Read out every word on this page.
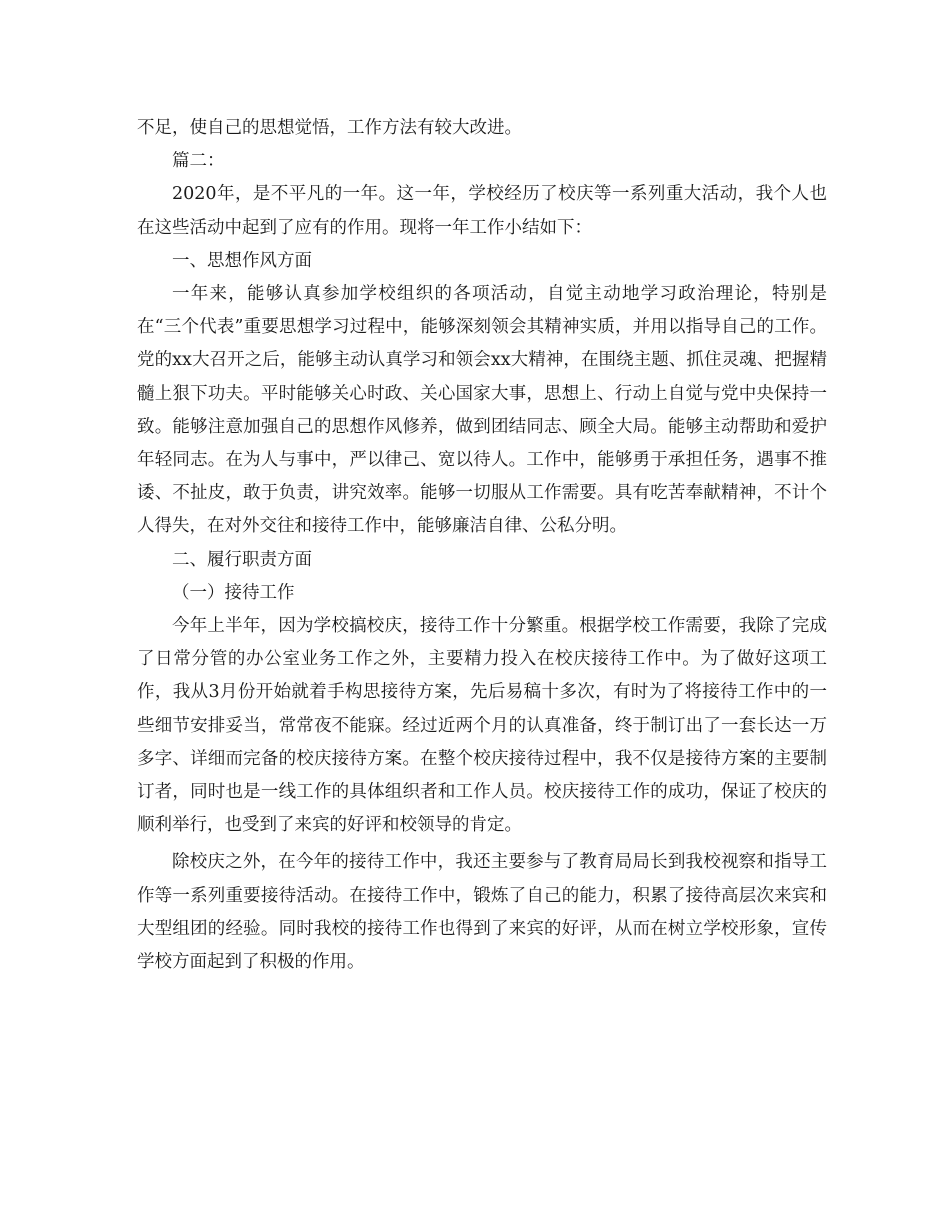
不足，使自己的思想觉悟，工作方法有较大改进。

篇二：

2020年，是不平凡的一年。这一年，学校经历了校庆等一系列重大活动，我个人也在这些活动中起到了应有的作用。现将一年工作小结如下：

一、思想作风方面

一年来，能够认真参加学校组织的各项活动，自觉主动地学习政治理论，特别是在“三个代表”重要思想学习过程中，能够深刻领会其精神实质，并用以指导自己的工作。党的xx大召开之后，能够主动认真学习和领会xx大精神，在围绕主题、抓住灵魂、把握精髓上狠下功夫。平时能够关心时政、关心国家大事，思想上、行动上自觉与党中央保持一致。能够注意加强自己的思想作风修养，做到团结同志、顾全大局。能够主动帮助和爱护年轻同志。在为人与事中，严以律己、宽以待人。工作中，能够勇于承担任务，遇事不推诿、不扯皮，敢于负责，讲究效率。能够一切服从工作需要。具有吃苦奉献精神，不计个人得失，在对外交往和接待工作中，能够廉洁自律、公私分明。

二、履行职责方面

（一）接待工作

今年上半年，因为学校搞校庆，接待工作十分繁重。根据学校工作需要，我除了完成了日常分管的办公室业务工作之外，主要精力投入在校庆接待工作中。为了做好这项工作，我从3月份开始就着手构思接待方案，先后易稿十多次，有时为了将接待工作中的一些细节安排妥当，常常夜不能寐。经过近两个月的认真准备，终于制订出了一套长达一万多字、详细而完备的校庆接待方案。在整个校庆接待过程中，我不仅是接待方案的主要制订者，同时也是一线工作的具体组织者和工作人员。校庆接待工作的成功，保证了校庆的顺利举行，也受到了来宾的好评和校领导的肯定。

除校庆之外，在今年的接待工作中，我还主要参与了教育局局长到我校视察和指导工作等一系列重要接待活动。在接待工作中，锻炼了自己的能力，积累了接待高层次来宾和大型组团的经验。同时我校的接待工作也得到了来宾的好评，从而在树立学校形象，宣传学校方面起到了积极的作用。
